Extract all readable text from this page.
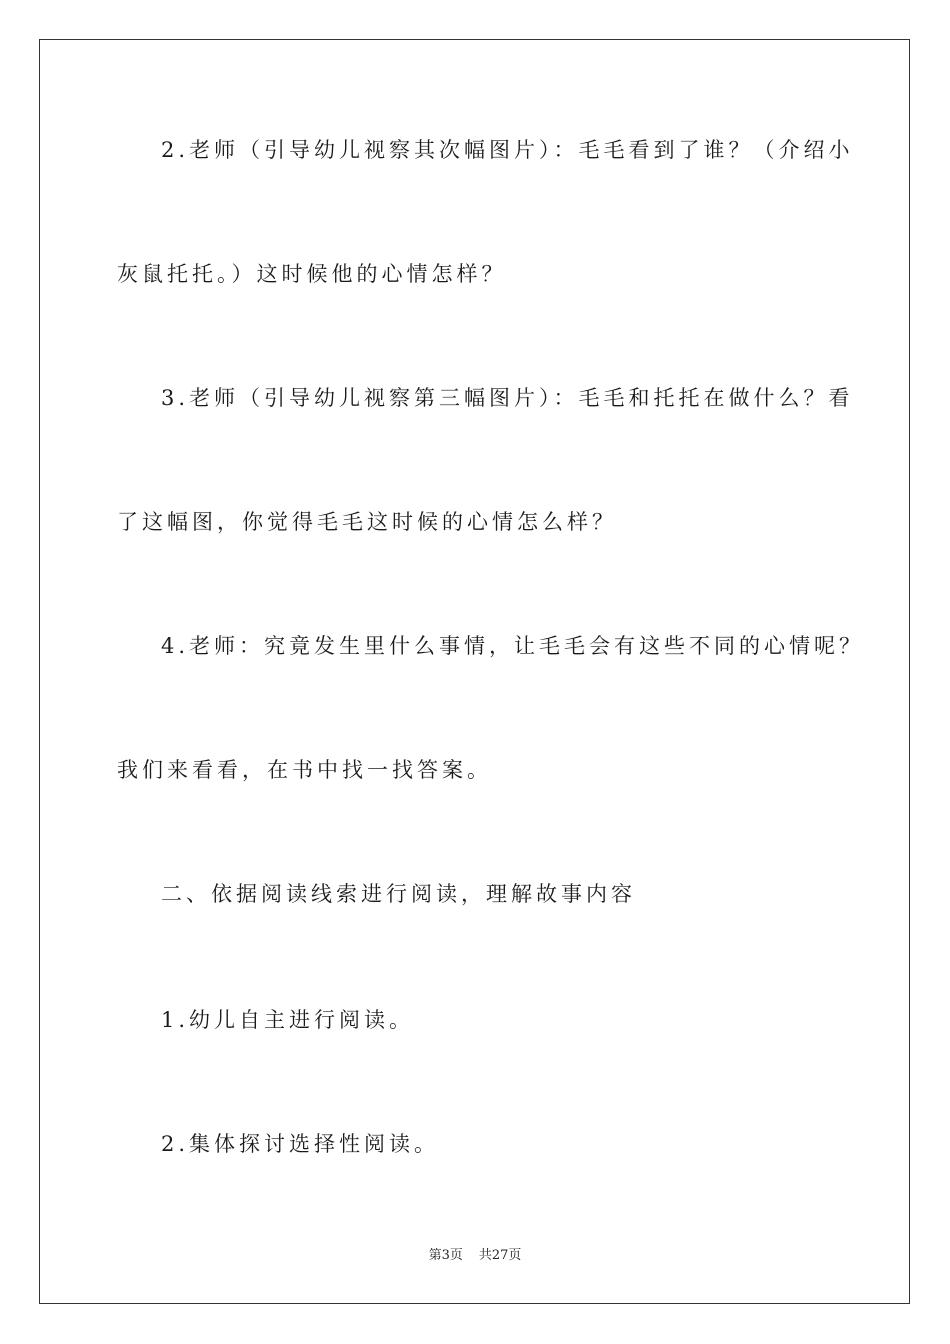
2.老师（引导幼儿视察其次幅图片）：毛毛看到了谁？（介绍小
灰鼠托托。）这时候他的心情怎样？
3.老师（引导幼儿视察第三幅图片）：毛毛和托托在做什么？看
了这幅图，你觉得毛毛这时候的心情怎么样？
4.老师：究竟发生里什么事情，让毛毛会有这些不同的心情呢？
我们来看看，在书中找一找答案。
二、依据阅读线索进行阅读，理解故事内容
1.幼儿自主进行阅读。
2.集体探讨选择性阅读。
第3页 共27页
